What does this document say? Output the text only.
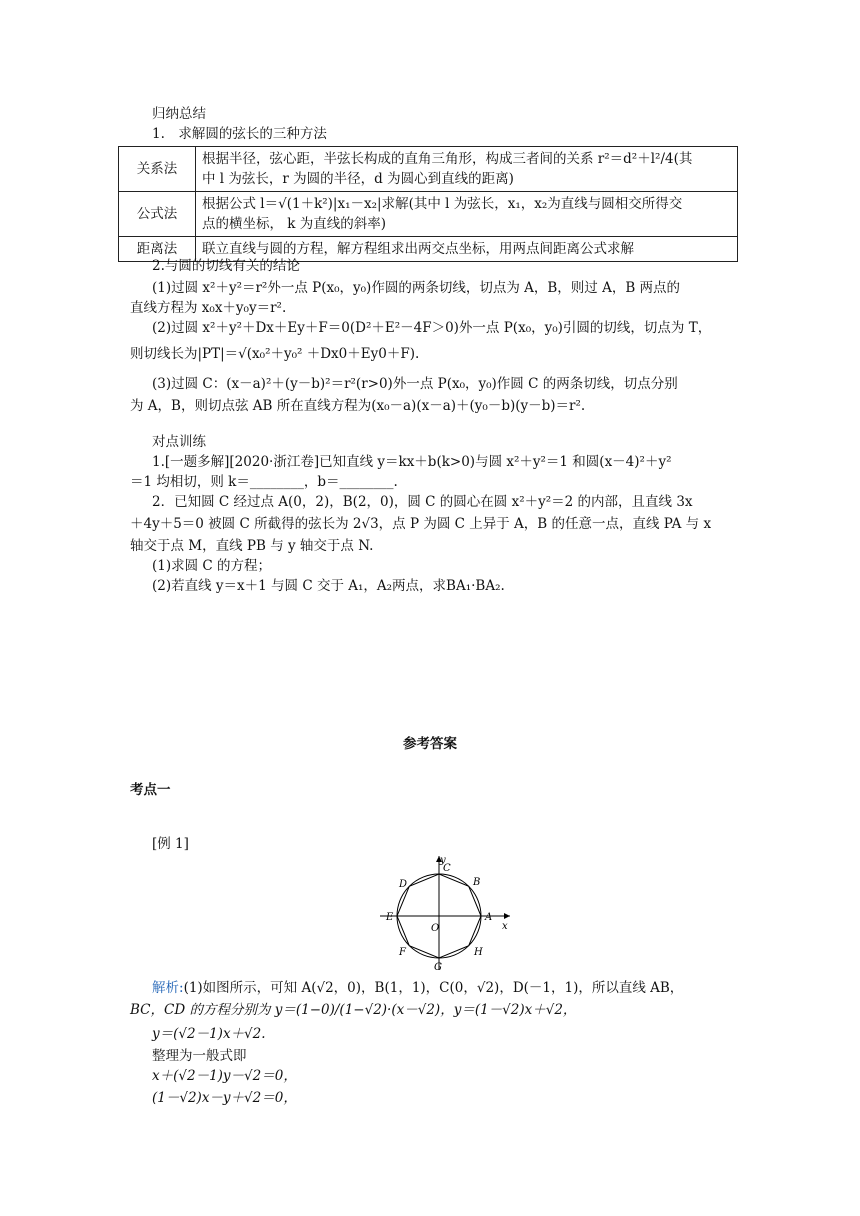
归纳总结
1.　求解圆的弦长的三种方法
关系法	根据半径，弦心距，半弦长构成的直角三角形，构成三者间的关系 r²＝d²＋l²/4(其
中 l 为弦长，r 为圆的半径，d 为圆心到直线的距离)

公式法	根据公式 l＝√(1＋k²)|x₁－x₂|求解(其中 l 为弦长，x₁，x₂为直线与圆相交所得交
点的横坐标， k 为直线的斜率)

距离法	联立直线与圆的方程，解方程组求出两交点坐标，用两点间距离公式求解
2.与圆的切线有关的结论
(1)过圆 x²＋y²＝r²外一点 P(x₀，y₀)作圆的两条切线，切点为 A，B，则过 A，B 两点的
直线方程为 x₀x＋y₀y＝r².
(2)过圆 x²＋y²＋Dx＋Ey＋F＝0(D²＋E²－4F＞0)外一点 P(x₀，y₀)引圆的切线，切点为 T，
则切线长为|PT|＝√(x₀²＋y₀² ＋Dx0＋Ey0＋F).
(3)过圆 C：(x－a)²＋(y－b)²＝r²(r>0)外一点 P(x₀，y₀)作圆 C 的两条切线，切点分别
为 A，B，则切点弦 AB 所在直线方程为(x₀－a)(x－a)＋(y₀－b)(y－b)＝r².
对点训练
1.[一题多解][2020·浙江卷]已知直线 y＝kx＋b(k>0)与圆 x²＋y²＝1 和圆(x－4)²＋y²
＝1 均相切，则 k＝________，b＝________.
2．已知圆 C 经过点 A(0，2)，B(2，0)，圆 C 的圆心在圆 x²＋y²＝2 的内部，且直线 3x
＋4y＋5＝0 被圆 C 所截得的弦长为 2√3，点 P 为圆 C 上异于 A，B 的任意一点，直线 PA 与 x
轴交于点 M，直线 PB 与 y 轴交于点 N.
(1)求圆 C 的方程；
(2)若直线 y＝x＋1 与圆 C 交于 A₁，A₂两点，求BA₁·BA₂.
参考答案
考点一
[例 1]
y
x
O
A
B
C
D
E
F
G
H
解析:(1)如图所示，可知 A(√2，0)，B(1，1)，C(0，√2)，D(－1，1)，所以直线 AB，
BC，CD 的方程分别为 y＝(1−0)/(1−√2)·(x－√2)，y＝(1－√2)x＋√2，
y＝(√2－1)x＋√2.
整理为一般式即
x＋(√2－1)y－√2＝0，
(1－√2)x－y＋√2＝0，
